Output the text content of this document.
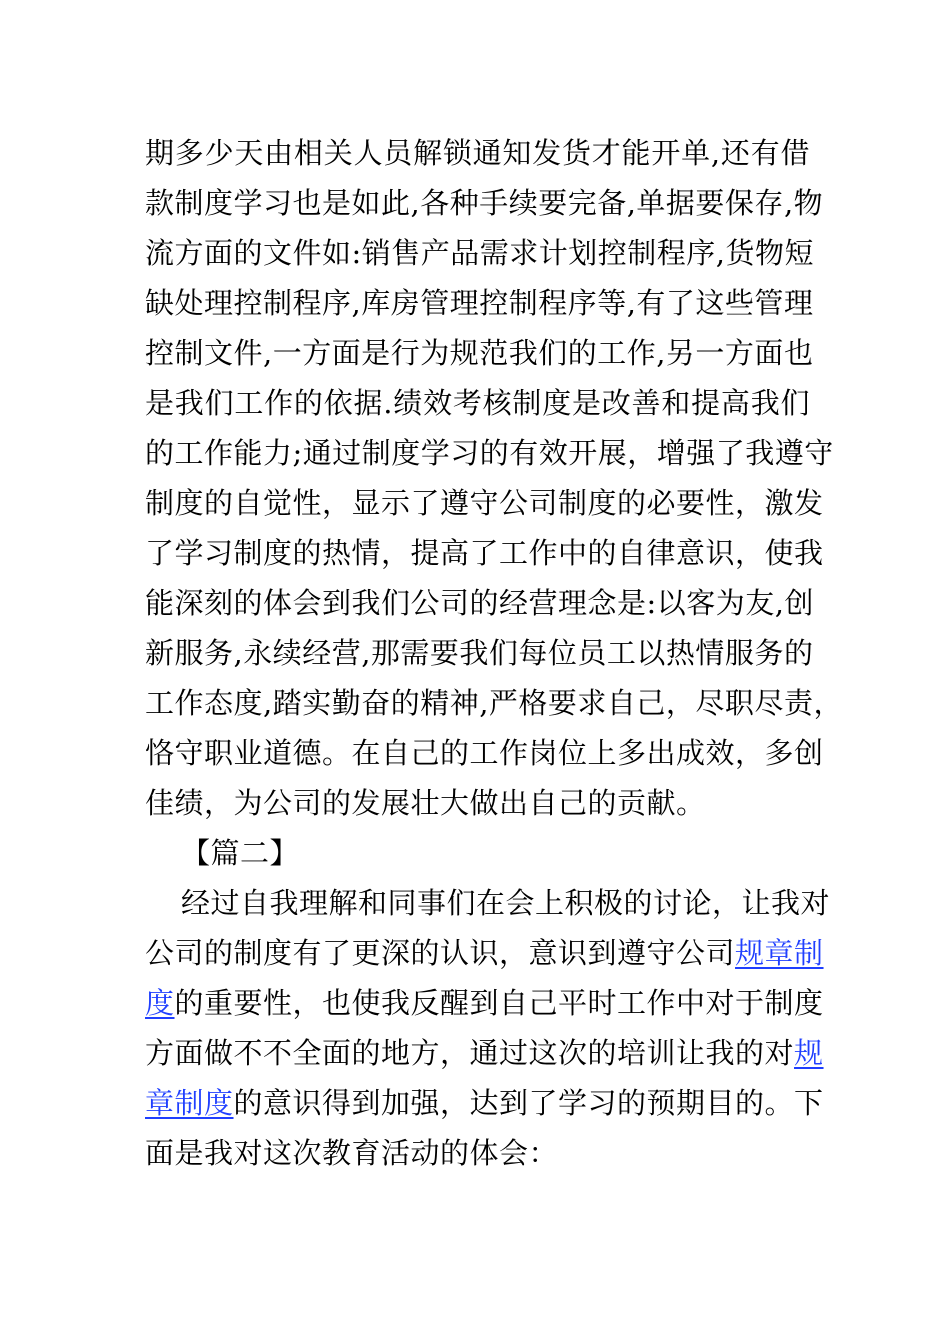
期多少天由相关人员解锁通知发货才能开单,还有借
款制度学习也是如此,各种手续要完备,单据要保存,物
流方面的文件如:销售产品需求计划控制程序,货物短
缺处理控制程序,库房管理控制程序等,有了这些管理
控制文件,一方面是行为规范我们的工作,另一方面也
是我们工作的依据.绩效考核制度是改善和提高我们
的工作能力;通过制度学习的有效开展，增强了我遵守
制度的自觉性，显示了遵守公司制度的必要性，激发
了学习制度的热情，提高了工作中的自律意识，使我
能深刻的体会到我们公司的经营理念是:以客为友,创
新服务,永续经营,那需要我们每位员工以热情服务的
工作态度,踏实勤奋的精神,严格要求自己，尽职尽责，
恪守职业道德。在自己的工作岗位上多出成效，多创
佳绩，为公司的发展壮大做出自己的贡献。
【篇二】
经过自我理解和同事们在会上积极的讨论，让我对
公司的制度有了更深的认识，意识到遵守公司规章制
度的重要性，也使我反醒到自己平时工作中对于制度
方面做不不全面的地方，通过这次的培训让我的对规
章制度的意识得到加强，达到了学习的预期目的。下
面是我对这次教育活动的体会：
